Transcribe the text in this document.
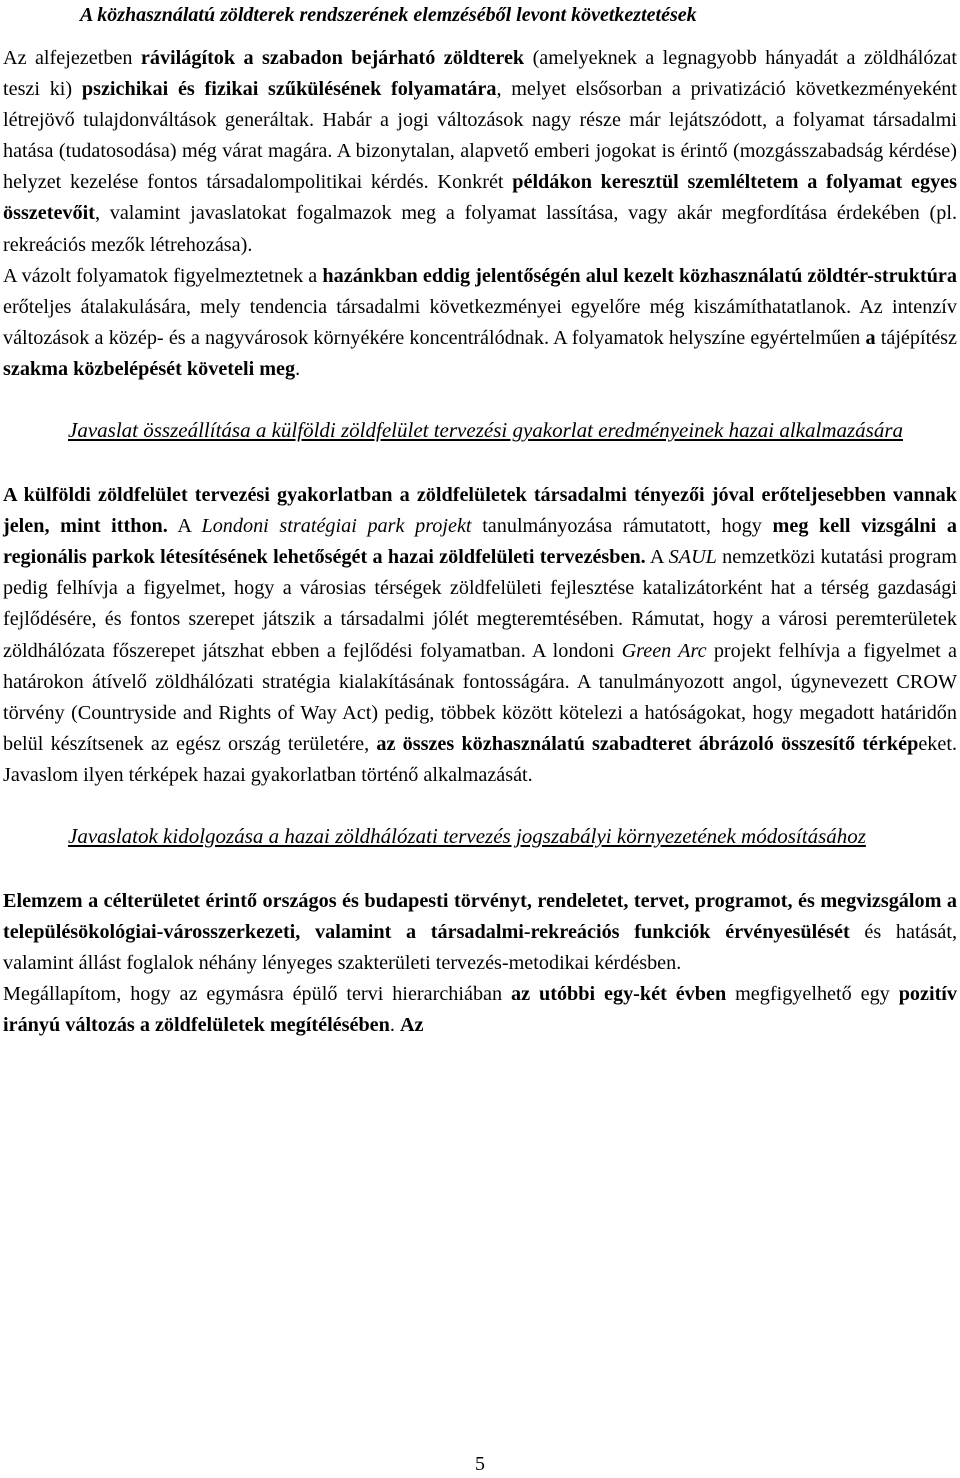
A közhasználatú zöldterek rendszerének elemzéséből levont következtetések

Az alfejezetben rávilágítok a szabadon bejárható zöldterek (amelyeknek a legnagyobb hányadát a zöldhálózat teszi ki) pszichikai és fizikai szűkülésének folyamatára, melyet elsősorban a privatizáció következményeként létrejövő tulajdonváltások generáltak. Habár a jogi változások nagy része már lejátszódott, a folyamat társadalmi hatása (tudatosodása) még várat magára. A bizonytalan, alapvető emberi jogokat is érintő (mozgásszabadság kérdése) helyzet kezelése fontos társadalompolitikai kérdés. Konkrét példákon keresztül szemléltetem a folyamat egyes összetevőit, valamint javaslatokat fogalmazok meg a folyamat lassítása, vagy akár megfordítása érdekében (pl. rekreációs mezők létrehozása).

A vázolt folyamatok figyelmeztetnek a hazánkban eddig jelentőségén alul kezelt közhasználatú zöldtér-struktúra erőteljes átalakulására, mely tendencia társadalmi következményei egyelőre még kiszámíthatatlanok. Az intenzív változások a közép- és a nagyvárosok környékére koncentrálódnak. A folyamatok helyszíne egyértelműen a tájépítész szakma közbelépését követeli meg.

Javaslat összeállítása a külföldi zöldfelület tervezési gyakorlat eredményeinek hazai alkalmazására

A külföldi zöldfelület tervezési gyakorlatban a zöldfelületek társadalmi tényezői jóval erőteljesebben vannak jelen, mint itthon. A Londoni stratégiai park projekt tanulmányozása rámutatott, hogy meg kell vizsgálni a regionális parkok létesítésének lehetőségét a hazai zöldfelületi tervezésben. A SAUL nemzetközi kutatási program pedig felhívja a figyelmet, hogy a városias térségek zöldfelületi fejlesztése katalizátorként hat a térség gazdasági fejlődésére, és fontos szerepet játszik a társadalmi jólét megteremtésében. Rámutat, hogy a városi peremterületek zöldhálózata főszerepet játszhat ebben a fejlődési folyamatban. A londoni Green Arc projekt felhívja a figyelmet a határokon átívelő zöldhálózati stratégia kialakításának fontosságára. A tanulmányozott angol, úgynevezett CROW törvény (Countryside and Rights of Way Act) pedig, többek között kötelezi a hatóságokat, hogy megadott határidőn belül készítsenek az egész ország területére, az összes közhasználatú szabadteret ábrázoló összesítő térképeket. Javaslom ilyen térképek hazai gyakorlatban történő alkalmazását.

Javaslatok kidolgozása a hazai zöldhálózati tervezés jogszabályi környezetének módosításához

Elemzem a célterületet érintő országos és budapesti törvényt, rendeletet, tervet, programot, és megvizsgálom a településökológiai-városszerkezeti, valamint a társadalmi-rekreációs funkciók érvényesülését és hatását, valamint állást foglalok néhány lényeges szakterületi tervezés-metodikai kérdésben.

Megállapítom, hogy az egymásra épülő tervi hierarchiában az utóbbi egy-két évben megfigyelhető egy pozitív irányú változás a zöldfelületek megítélésében. Az

5
